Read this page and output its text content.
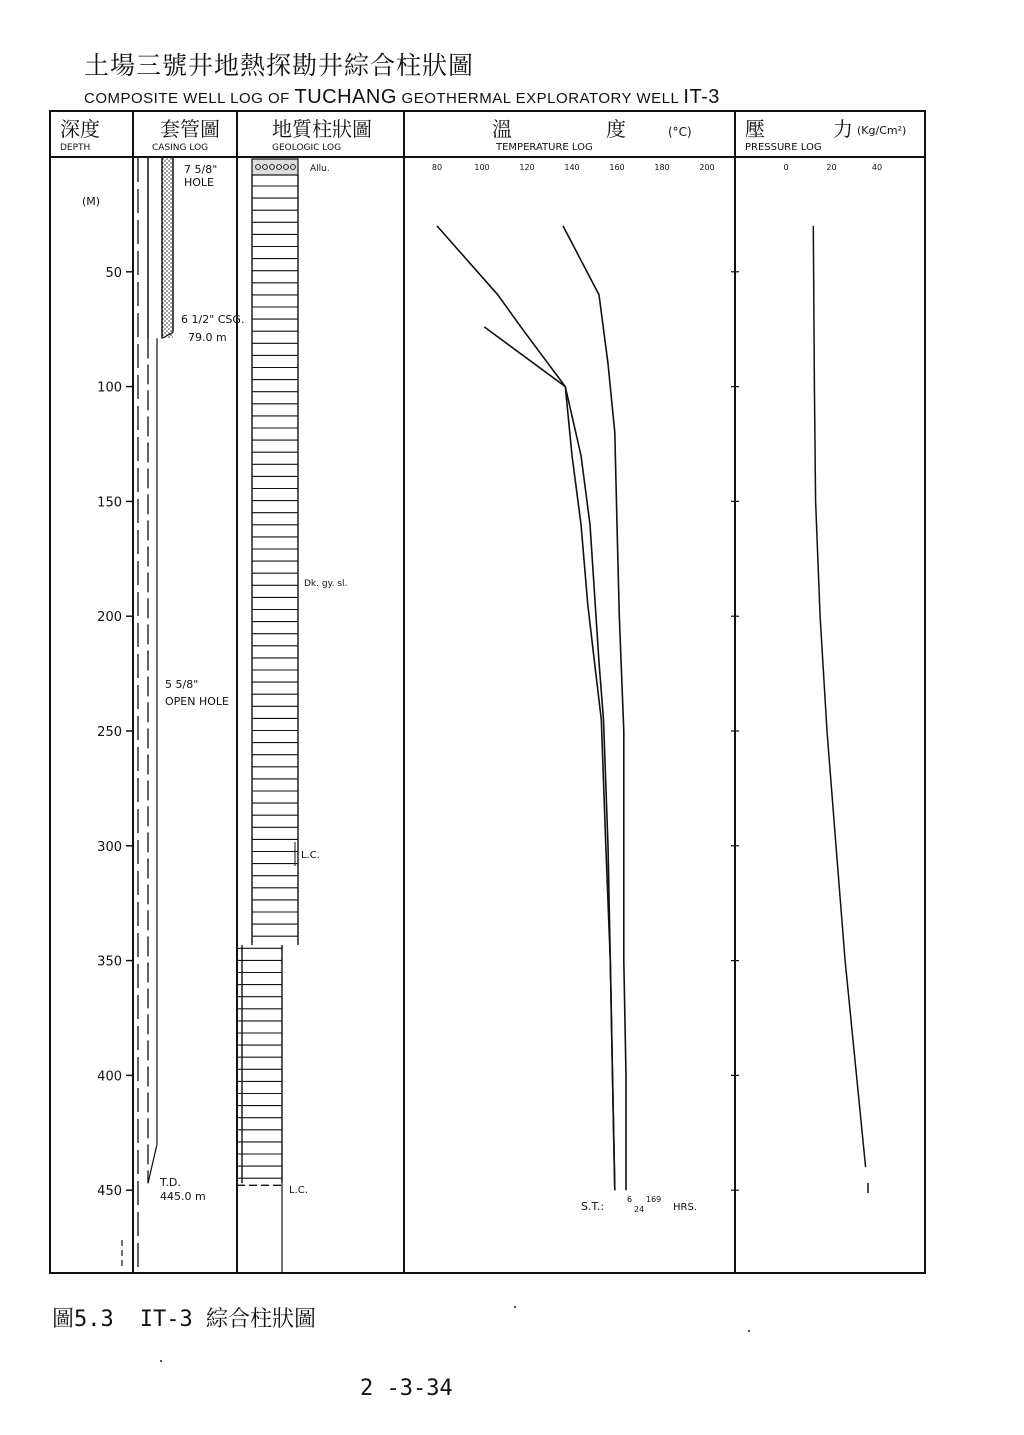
土場三號井地熱探勘井綜合柱狀圖
COMPOSITE WELL LOG OF TUCHANG GEOTHERMAL EXPLORATORY WELL IT-3
深度
DEPTH
套管圖
CASING LOG
地質柱狀圖
GEOLOGIC LOG
溫	度	(°C)
TEMPERATURE LOG
壓	力 (Kg/Cm²)
PRESSURE LOG
50
100
150
200
250
300
350
400
450
(M)
7 5/8"
HOLE
6 1/2" CSG.
79.0 m
5 5/8"
OPEN HOLE
T.D.
445.0 m
Allu.
Dk. gy. sl.
L.C.
L.C.
80	100	120	140	160	180	200
S.T.:
6
24
169
HRS.
0	20	40
圖5.3 IT-3 綜合柱狀圖
2 -3-34
